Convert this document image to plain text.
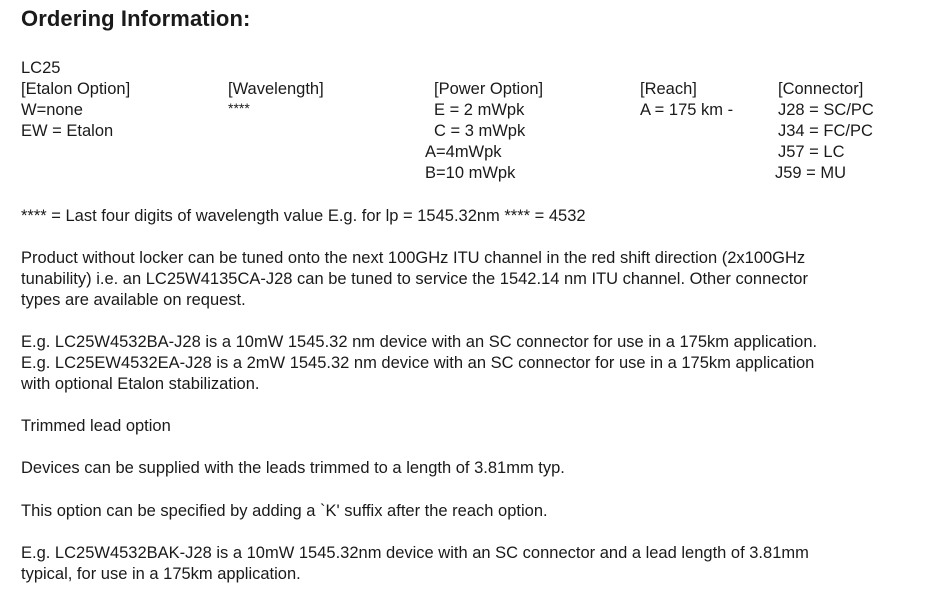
Ordering Information:
LC25
[Etalon Option]
W=none
EW = Etalon
[Wavelength]
****
[Power Option]
E = 2 mWpk
C = 3 mWpk
A=4mWpk
B=10 mWpk
[Reach]
A = 175 km -
[Connector]
J28 = SC/PC
J34 = FC/PC
J57 = LC
J59 = MU
**** = Last four digits of wavelength value E.g. for lp = 1545.32nm **** = 4532
Product without locker can be tuned onto the next 100GHz ITU channel in the red shift direction (2x100GHz
tunability) i.e. an LC25W4135CA-J28 can be tuned to service the 1542.14 nm ITU channel. Other connector
types are available on request.
E.g. LC25W4532BA-J28 is a 10mW 1545.32 nm device with an SC connector for use in a 175km application.
E.g. LC25EW4532EA-J28 is a 2mW 1545.32 nm device with an SC connector for use in a 175km application
with optional Etalon stabilization.
Trimmed lead option
Devices can be supplied with the leads trimmed to a length of 3.81mm typ.
This option can be specified by adding a `K' suffix after the reach option.
E.g. LC25W4532BAK-J28 is a 10mW 1545.32nm device with an SC connector and a lead length of 3.81mm
typical, for use in a 175km application.
